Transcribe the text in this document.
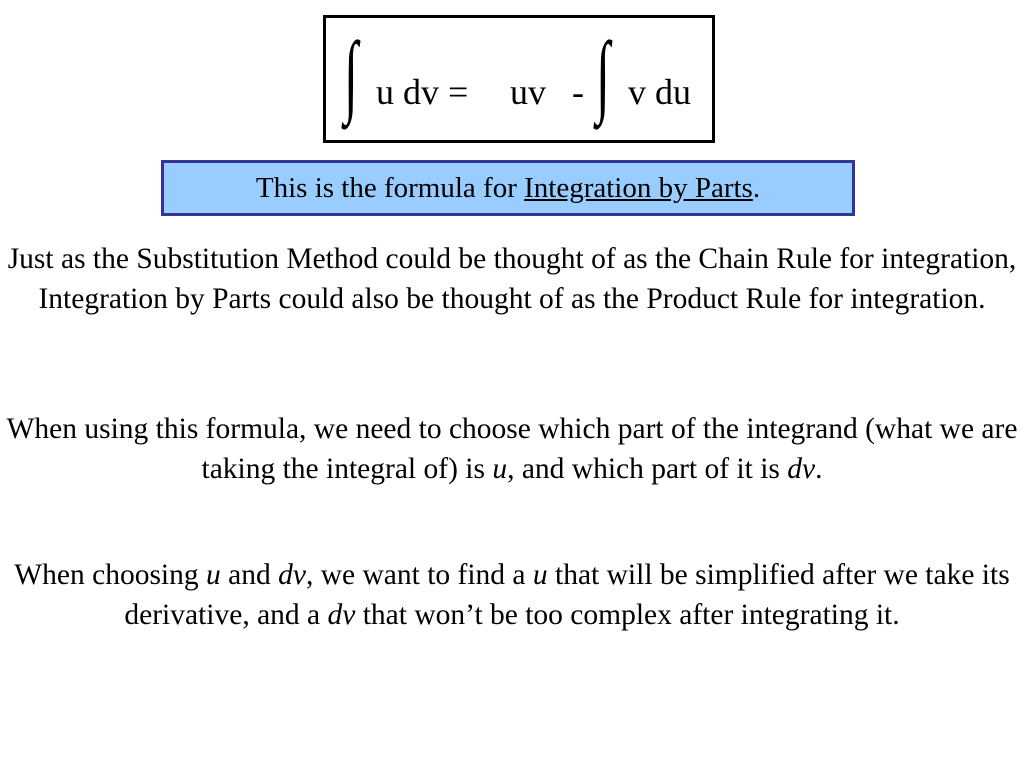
∫ u dv = uv - ∫ v du
This is the formula for Integration by Parts.
Just as the Substitution Method could be thought of as the Chain Rule for integration, Integration by Parts could also be thought of as the Product Rule for integration.
When using this formula, we need to choose which part of the integrand (what we are taking the integral of) is u, and which part of it is dv.
When choosing u and dv, we want to find a u that will be simplified after we take its derivative, and a dv that won’t be too complex after integrating it.
